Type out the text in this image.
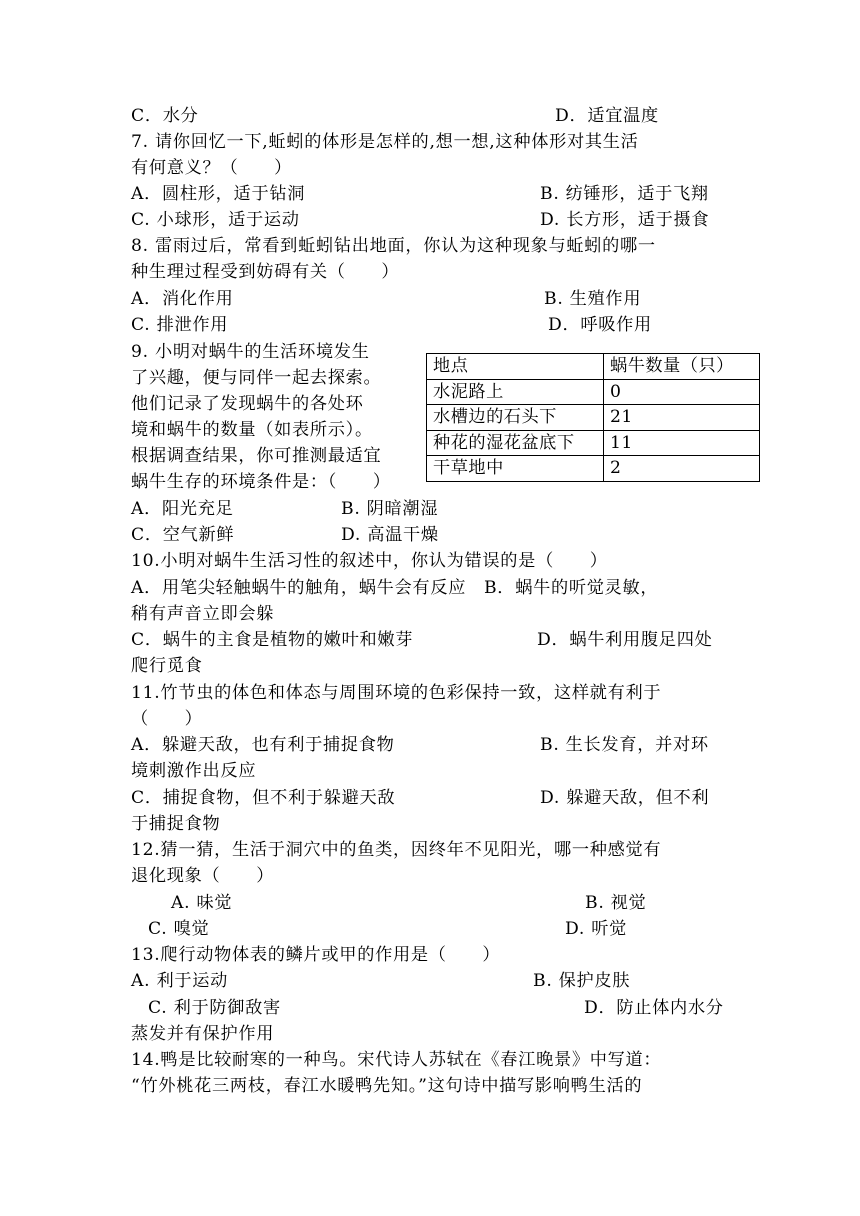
C．水分	D．适宜温度
7. 请你回忆一下,蚯蚓的体形是怎样的,想一想,这种体形对其生活
有何意义？（　　）
A．圆柱形，适于钻洞	B. 纺锤形，适于飞翔
C. 小球形，适于运动	D. 长方形，适于摄食
8. 雷雨过后，常看到蚯蚓钻出地面，你认为这种现象与蚯蚓的哪一
种生理过程受到妨碍有关（　　）
A．消化作用	B. 生殖作用
C. 排泄作用	D．呼吸作用
9. 小明对蜗牛的生活环境发生
了兴趣，便与同伴一起去探索。
他们记录了发现蜗牛的各处环
境和蜗牛的数量（如表所示）。
根据调查结果，你可推测最适宜
蜗牛生存的环境条件是：（　　）
地点	蜗牛数量（只）
水泥路上	0
水槽边的石头下	21
种花的湿花盆底下	11
干草地中	2
A．阳光充足	B. 阴暗潮湿
C．空气新鲜	D. 高温干燥
10.小明对蜗牛生活习性的叙述中，你认为错误的是（　　）
A．用笔尖轻触蜗牛的触角，蜗牛会有反应　B．蜗牛的听觉灵敏，
稍有声音立即会躲
C．蜗牛的主食是植物的嫩叶和嫩芽	D．蜗牛利用腹足四处
爬行觅食
11.竹节虫的体色和体态与周围环境的色彩保持一致，这样就有利于
（　　）
A．躲避天敌，也有利于捕捉食物	B. 生长发育，并对环
境刺激作出反应
C．捕捉食物，但不利于躲避天敌	D. 躲避天敌，但不利
于捕捉食物
12.猜一猜，生活于洞穴中的鱼类，因终年不见阳光，哪一种感觉有
退化现象（　　）
A. 味觉	B. 视觉
C. 嗅觉	D. 听觉
13.爬行动物体表的鳞片或甲的作用是（　　）
A. 利于运动	B. 保护皮肤
C. 利于防御敌害	D．防止体内水分
蒸发并有保护作用
14.鸭是比较耐寒的一种鸟。宋代诗人苏轼在《春江晚景》中写道：
“竹外桃花三两枝，春江水暖鸭先知。”这句诗中描写影响鸭生活的
